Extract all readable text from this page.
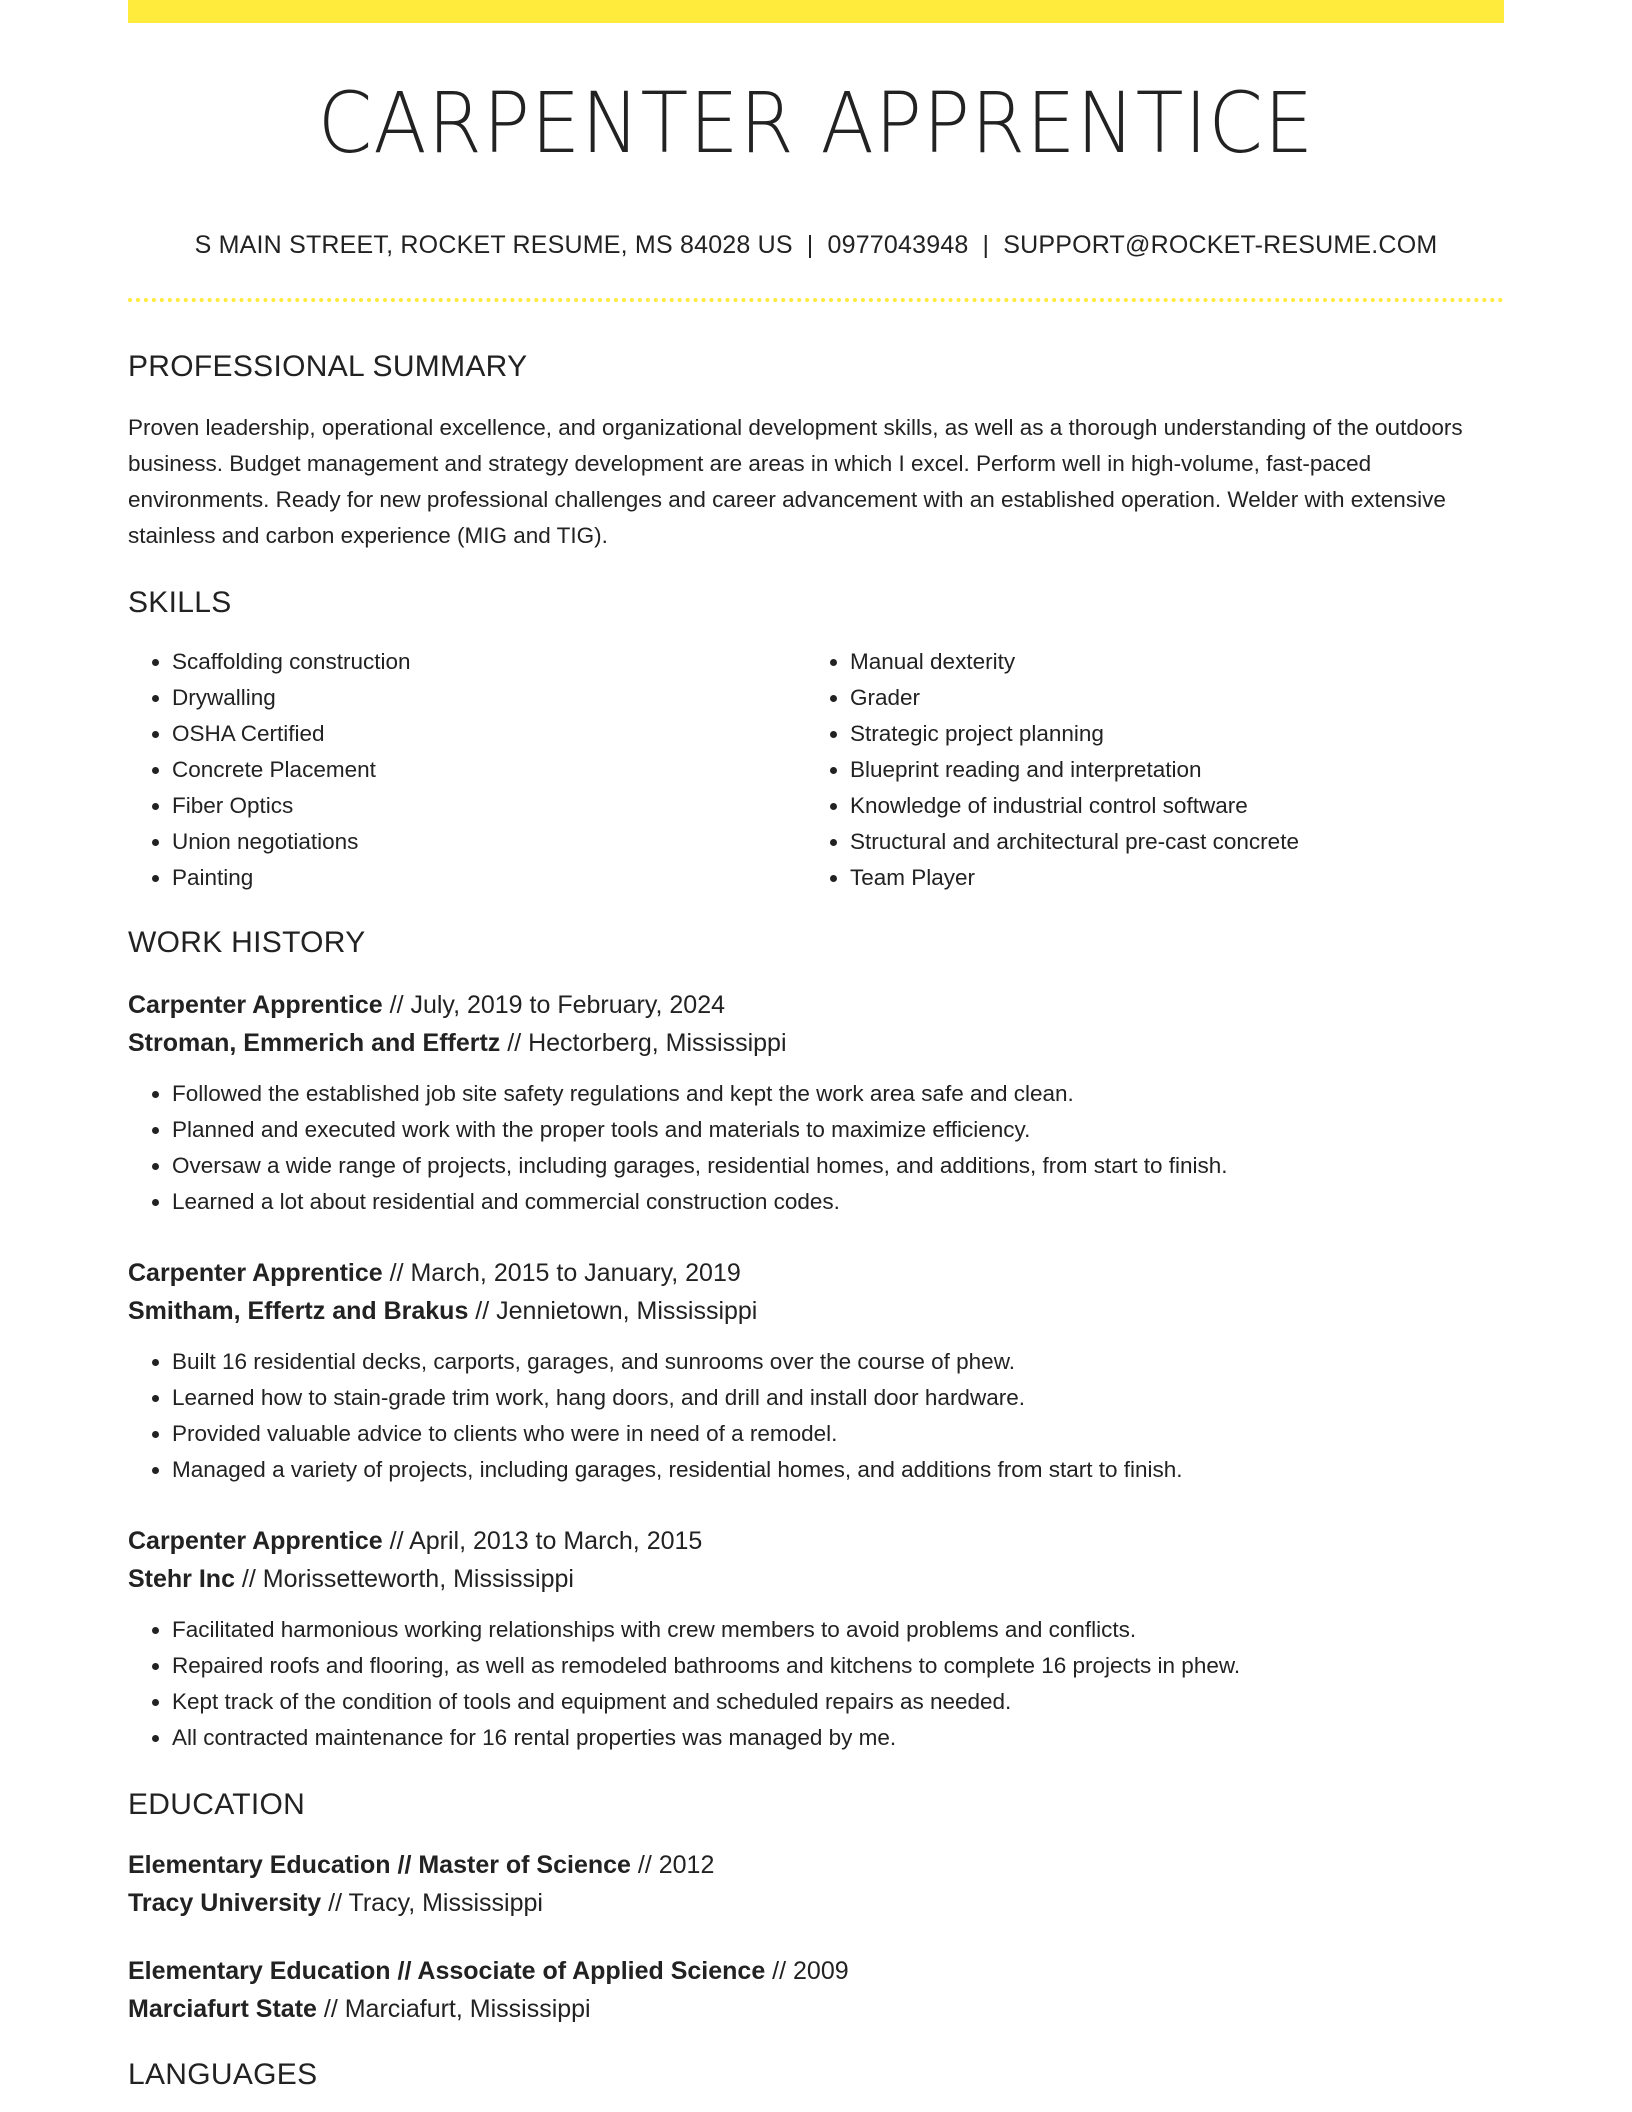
CARPENTER APPRENTICE
S MAIN STREET, ROCKET RESUME, MS 84028 US | 0977043948 | SUPPORT@ROCKET-RESUME.COM
PROFESSIONAL SUMMARY
Proven leadership, operational excellence, and organizational development skills, as well as a thorough understanding of the outdoors business. Budget management and strategy development are areas in which I excel. Perform well in high-volume, fast-paced environments. Ready for new professional challenges and career advancement with an established operation. Welder with extensive stainless and carbon experience (MIG and TIG).
SKILLS
• Scaffolding construction
• Drywalling
• OSHA Certified
• Concrete Placement
• Fiber Optics
• Union negotiations
• Painting
• Manual dexterity
• Grader
• Strategic project planning
• Blueprint reading and interpretation
• Knowledge of industrial control software
• Structural and architectural pre-cast concrete
• Team Player
WORK HISTORY
Carpenter Apprentice // July, 2019 to February, 2024
Stroman, Emmerich and Effertz // Hectorberg, Mississippi
• Followed the established job site safety regulations and kept the work area safe and clean.
• Planned and executed work with the proper tools and materials to maximize efficiency.
• Oversaw a wide range of projects, including garages, residential homes, and additions, from start to finish.
• Learned a lot about residential and commercial construction codes.
Carpenter Apprentice // March, 2015 to January, 2019
Smitham, Effertz and Brakus // Jennietown, Mississippi
• Built 16 residential decks, carports, garages, and sunrooms over the course of phew.
• Learned how to stain-grade trim work, hang doors, and drill and install door hardware.
• Provided valuable advice to clients who were in need of a remodel.
• Managed a variety of projects, including garages, residential homes, and additions from start to finish.
Carpenter Apprentice // April, 2013 to March, 2015
Stehr Inc // Morissetteworth, Mississippi
• Facilitated harmonious working relationships with crew members to avoid problems and conflicts.
• Repaired roofs and flooring, as well as remodeled bathrooms and kitchens to complete 16 projects in phew.
• Kept track of the condition of tools and equipment and scheduled repairs as needed.
• All contracted maintenance for 16 rental properties was managed by me.
EDUCATION
Elementary Education // Master of Science // 2012
Tracy University // Tracy, Mississippi
Elementary Education // Associate of Applied Science // 2009
Marciafurt State // Marciafurt, Mississippi
LANGUAGES
